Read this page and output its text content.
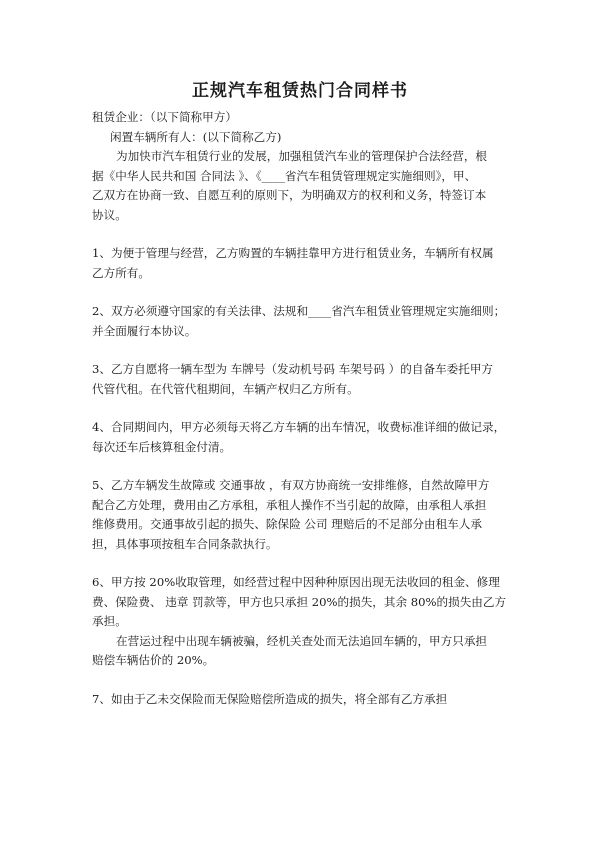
正规汽车租赁热门合同样书

租赁企业：（以下简称甲方）

闲置车辆所有人：(以下简称乙方)

为加快市汽车租赁行业的发展，加强租赁汽车业的管理保护合法经营，根

据《中华人民共和国 合同法 》、《____省汽车租赁管理规定实施细则》，甲、

乙双方在协商一致、自愿互利的原则下，为明确双方的权利和义务，特签订本

协议。

1、为便于管理与经营，乙方购置的车辆挂靠甲方进行租赁业务，车辆所有权属

乙方所有。

2、双方必须遵守国家的有关法律、法规和____省汽车租赁业管理规定实施细则；

并全面履行本协议。

3、乙方自愿将一辆车型为 车牌号（发动机号码 车架号码 ）的自备车委托甲方

代管代租。在代管代租期间，车辆产权归乙方所有。

4、合同期间内，甲方必须每天将乙方车辆的出车情况，收费标准详细的做记录，

每次还车后核算租金付清。

5、乙方车辆发生故障或 交通事故 ，有双方协商统一安排维修，自然故障甲方

配合乙方处理，费用由乙方承租，承租人操作不当引起的故障，由承租人承担

维修费用。交通事故引起的损失、除保险 公司 理赔后的不足部分由租车人承

担，具体事项按租车合同条款执行。

6、甲方按 20%收取管理，如经营过程中因种种原因出现无法收回的租金、修理

费、保险费、 违章 罚款等，甲方也只承担 20%的损失，其余 80%的损失由乙方

承担。

在营运过程中出现车辆被骗，经机关查处而无法追回车辆的，甲方只承担

赔偿车辆估价的 20%。

7、如由于乙未交保险而无保险赔偿所造成的损失，将全部有乙方承担
